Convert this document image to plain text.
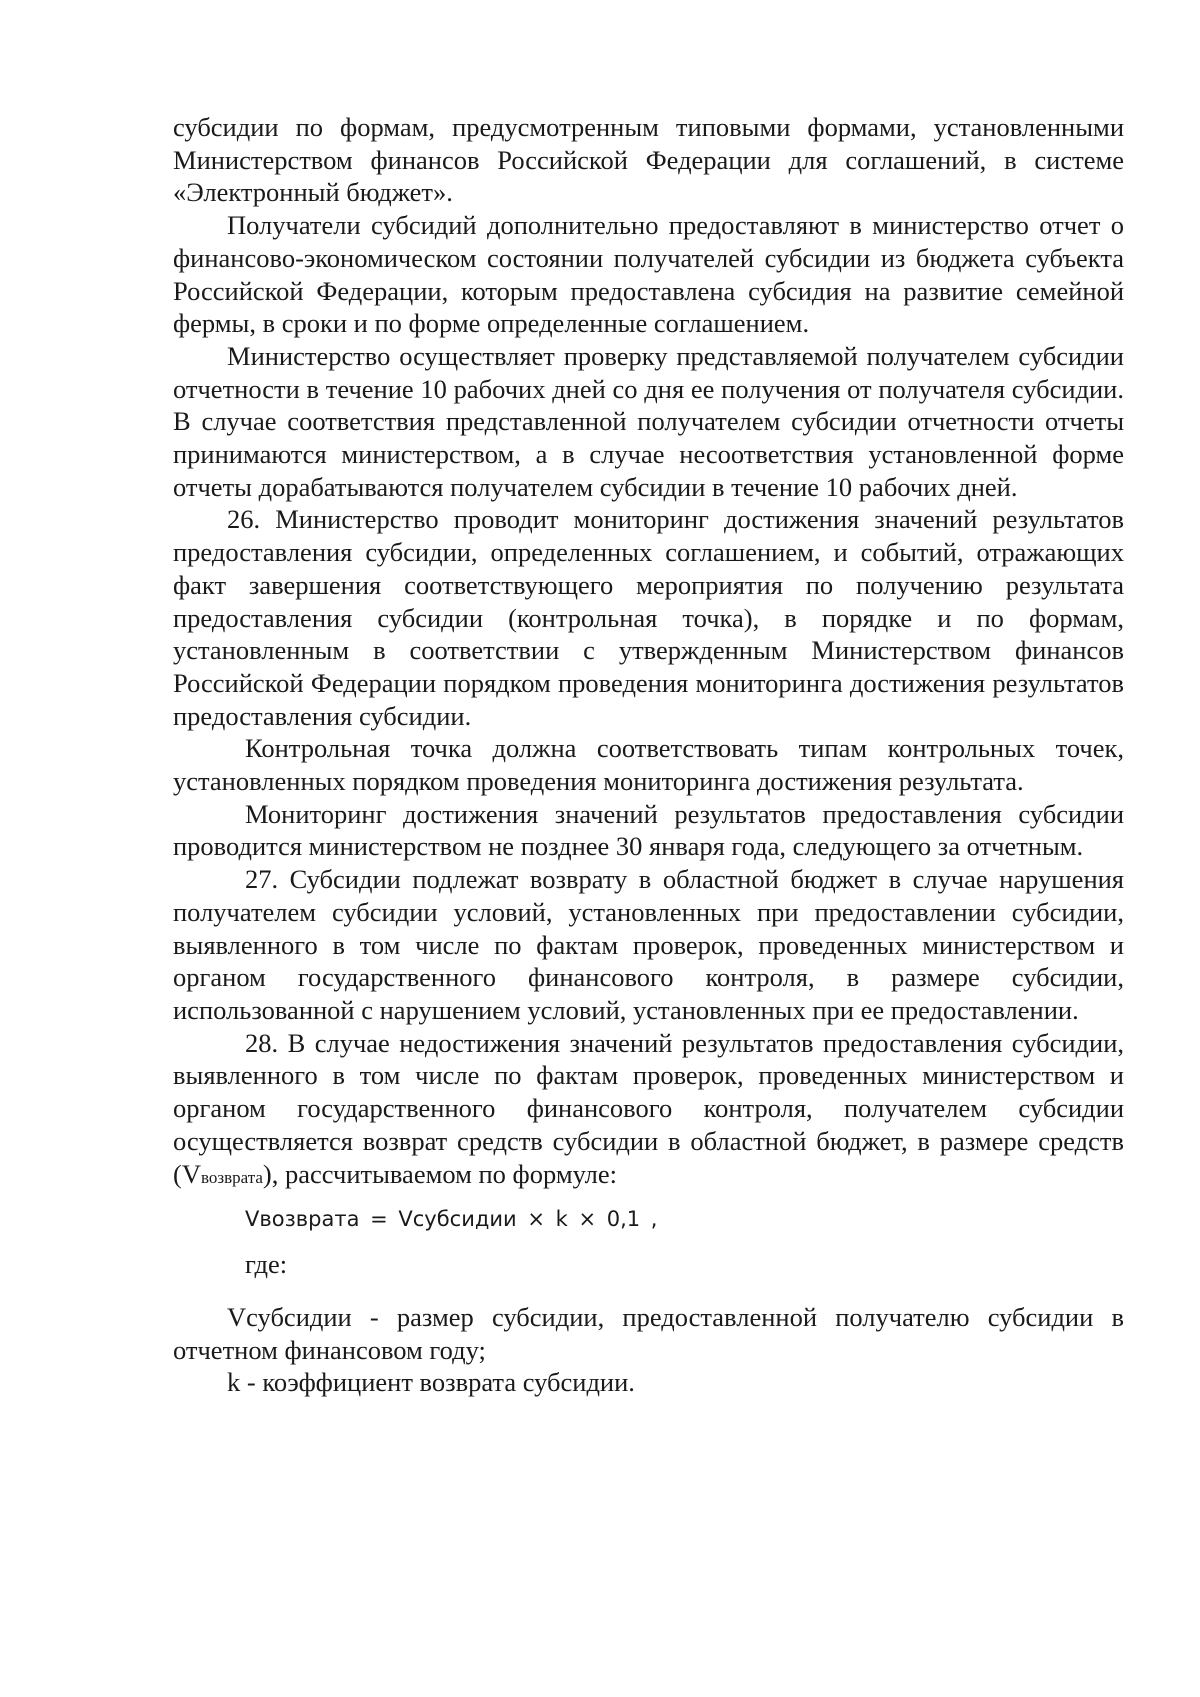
субсидии по формам, предусмотренным типовыми формами, установленными Министерством финансов Российской Федерации для соглашений, в системе «Электронный бюджет».

Получатели субсидий дополнительно предоставляют в министерство отчет о финансово-экономическом состоянии получателей субсидии из бюджета субъекта Российской Федерации, которым предоставлена субсидия на развитие семейной фермы, в сроки и по форме определенные соглашением.

Министерство осуществляет проверку представляемой получателем субсидии отчетности в течение 10 рабочих дней со дня ее получения от получателя субсидии. В случае соответствия представленной получателем субсидии отчетности отчеты принимаются министерством, а в случае несоответствия установленной форме отчеты дорабатываются получателем субсидии в течение 10 рабочих дней.

26. Министерство проводит мониторинг достижения значений результатов предоставления субсидии, определенных соглашением, и событий, отражающих факт завершения соответствующего мероприятия по получению результата предоставления субсидии (контрольная точка), в порядке и по формам, установленным в соответствии с утвержденным Министерством финансов Российской Федерации порядком проведения мониторинга достижения результатов предоставления субсидии.

Контрольная точка должна соответствовать типам контрольных точек, установленных порядком проведения мониторинга достижения результата.

Мониторинг достижения значений результатов предоставления субсидии проводится министерством не позднее 30 января года, следующего за отчетным.

27. Субсидии подлежат возврату в областной бюджет в случае нарушения получателем субсидии условий, установленных при предоставлении субсидии, выявленного в том числе по фактам проверок, проведенных министерством и органом государственного финансового контроля, в размере субсидии, использованной с нарушением условий, установленных при ее предоставлении.

28. В случае недостижения значений результатов предоставления субсидии, выявленного в том числе по фактам проверок, проведенных министерством и органом государственного финансового контроля, получателем субсидии осуществляется возврат средств субсидии в областной бюджет, в размере средств (Vвозврата), рассчитываемом по формуле:

Vвозврата = Vсубсидии × k × 0,1 ,

где:

Vсубсидии - размер субсидии, предоставленной получателю субсидии в отчетном финансовом году;

k - коэффициент возврата субсидии.
